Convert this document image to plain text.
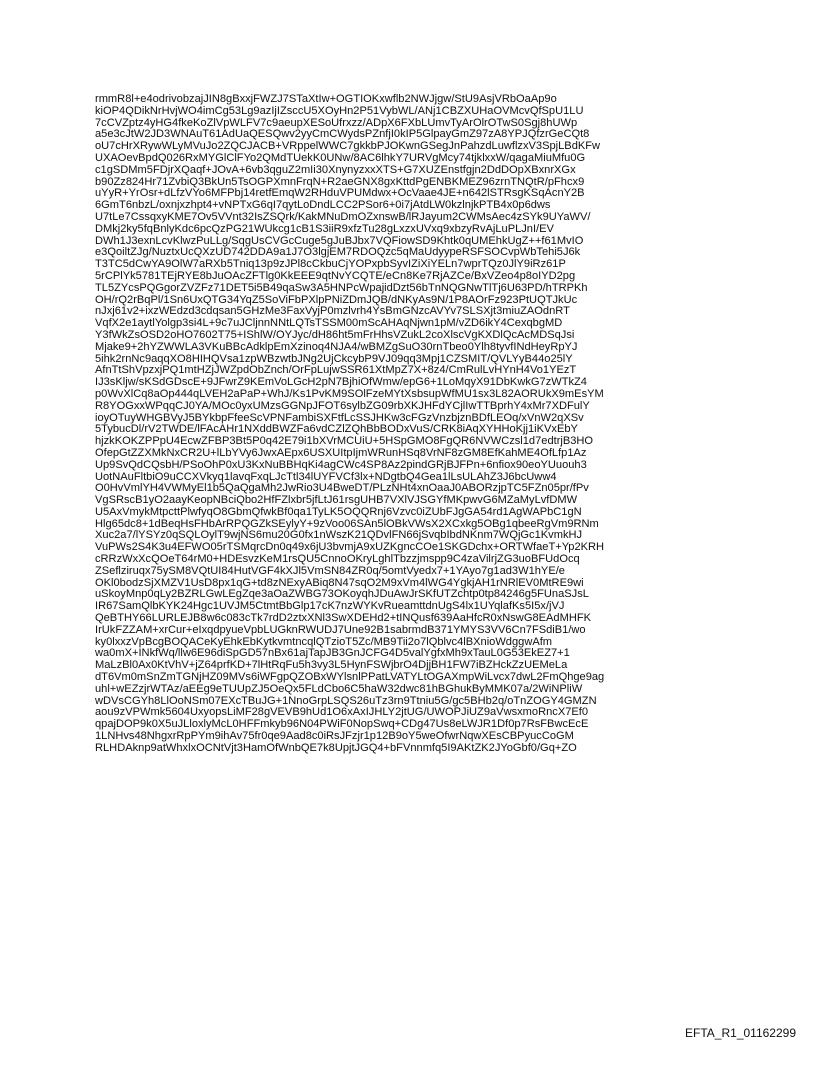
rmmR8l+e4odrivobzajJIN8gBxxjFWZJ7STaXtIw+OGTIOKxwflb2NWJjgw/StU9AsjVRbOaAp9o
kiOP4QDikNrHvjWO4imCg53Lg9azIjIZsccU5XOyHn2P51VybWL/ANj1CBZXUHaOVMcvQfSpU1LU
7cCVZptz4yHG4fkeKoZlVpWLFV7c9aeupXESoUfrxzz/ADpX6FXbLUmvTyArOlrOTwS0Sgj8hUWp
a5e3cJtW2JD3WNAuT61AdUaQESQwv2yyCmCWydsPZnfjI0kIP5GlpayGmZ97zA8YPJQfzrGeCQt8
oU7cHrXRywWLyMVuJo2ZQCJACB+VRppelWWC7gkkbPJOKwnGSegJnPahzdLuwflzxV3SpjLBdKFw
UXAOevBpdQ026RxMYGlClFYo2QMdTUekK0UNw/8AC6lhkY7URVgMcy74tjklxxW/qagaMiuMfu0G
c1gSDMm5FDjrXQaqf+JOvA+6vb3qguZ2mIi30XnynyzxxXTS+G7XUZEnstfgjn2DdDOpXBxnrXGx
b90Zz824Hr71ZvbiQ3BkUn5TsOGPXmnFrqN+R2aeGNX8gxKttdPgENBKMEZ96zrnTNQtR/pFhcx9
uYyR+YrOsr+dLfzVYo6MFPbj14retfEmqW2RHduVPUMdwx+OcVaae4JE+n642lSTRsgKSqAcnY2B
6GmT6nbzL/oxnjxzhpt4+vNPTxG6qI7qytLoDndLCC2PSor6+0i7jAtdLW0kzlnjkPTB4x0p6dws
U7tLe7CssqxyKME7Ov5VVnt32IsZSQrk/KakMNuDmOZxnswB/lRJayum2CWMsAec4zSYk9UYaWV/
DMkj2ky5fqBnlyKdc6pcQzPG21WUkcg1cB1S3iiR9xfzTu28gLxzxUVxq9xbzyRvAjLuPLJnI/EV
DWh1J3exnLcvKlwzPuLLg/SqgUsCVGcCuge5gJuBJbx7VQFiowSD9Khtk0qUMEhkUgZ++f61MvIO
e3QoiltZJg/NuztxUcQXzUD742DDA9a1J7O3lgjEM7RDOQzc5qMaUdyypeRSFSOCvpWbTehi5J6k
T3TC5dCwYA9OlW7aRXb5Tniq13p9zJPl8cCkbuCjYOPxpbSyvIZiXiYELn7wprTQz0JlY9iRz61P
5rCPlYk5781TEjRYE8bJuOAcZFTlg0KkEEE9qtNvYCQTE/eCn8Ke7RjAZCe/BxVZeo4p8oIYD2pg
TL5ZYcsPQGgorZVZFz71DET5i5B49qaSw3A5HNPcWpajidDzt56bTnNQGNwTlTj6U63PD/hTRPKh
OH/rQ2rBqPl/1Sn6UxQTG34YqZ5SoViFbPXlpPNiZDmJQB/dNKyAs9N/1P8AOrFz923PtUQTJkUc
nJxj61v2+ixzWEdzd3cdqsan5GHzMe3FaxVyjP0mzlvrh4YsBmGNzcAVYv7SLSXjt3miuZAOdnRT
VqfX2e1aytlYolgp3si4L+9c7uJCljnnNNtLQTsTSSM00mScAHAqNjwn1pM/vZD6ikY4CexqbgMD
Y3fWkZsOSD2oHO7602T75+IShlW/OYJyc/dH86ht5mFrHhsVZukL2coXlscVgKXDlQcAcMDSqJsi
Mjake9+2hYZWWLA3VKuBBcAdklpEmXzinoq4NJA4/wBMZgSuO30rnTbeo0Ylh8tyvfINdHeyRpYJ
5ihk2rnNc9aqqXO8HIHQVsa1zpWBzwtbJNg2UjCkcybP9VJ09qq3Mpj1CZSMIT/QVLYyB44o25lY
AfnTtShVpzxjPQ1mtHZjJWZpdObZnch/OrFpLujwSSR61XtMpZ7X+8z4/CmRulLvHYnH4Vo1YEzT
IJ3sKljw/sKSdGDscE+9JFwrZ9KEmVoLGcH2pN7BjhiOfWmw/epG6+1LoMqyX91DbKwkG7zWTkZ4
p0WvXlCq8aOp444qLVEH2aPaP+WhJ/Ks1PvKM9SOlFzeMYtXsbsupWfMU1sx3L82AORUkX9mEsYM
R8YOGxxWPqqCJ0YA/MOc0yxUMzsGGNpJFOT6sylbZG09rbXKJHFdYCjlIwTTBprhY4xMr7XDFulY
ioyOTuyWHGBVyJ5BYkbpFfeeScVPNFambiSXFtfLcSSJHKw3cFGzVnzbjznBDfLEOq/xVnW2qXSv
5TybucDl/rV2TWDE/lFAcAHr1NXddBWZFa6vdCZlZQhBbBODxVuS/CRK8iAqXYHHoKjj1iKVxEbY
hjzkKOKZPPpU4EcwZFBP3Bt5P0q42E79i1bXVrMCUiU+5HSpGMO8FgQR6NVWCzsl1d7edtrjB3HO
OfepGtZZXMkNxCR2U+lLbYVy6JwxAEpx6USXUItpIjmWRunHSq8VrNF8zGM8EfKahME4OfLfp1Az
Up9SvQdCQsbH/PSoOhP0xU3KxNuBBHqKi4agCWc4SP8Az2pindGRjBJFPn+6nfiox90eoYUuouh3
UotNAuFltbiO9uCCXVkyq1lavqFxqLJcTtl34lUYFVCf3lx+NDgtbQ4Gea1lLsULAhZ3J6bcUww4
O0HvVmlYH4VWMyEl1b5QaQgaMh2JwRio3U4BweDT/PLzNHt4xnOaaJ0ABORzjpTC5FZn05pr/fPv
VgSRscB1yO2aayKeopNBciQbo2HfFZlxbr5jfLtJ61rsgUHB7VXlVJSGYfMKpwvG6MZaMyLvfDMW
U5AxVmykMtpcttPlwfyqO8GbmQfwkBf0qa1TyLK5OQQRnj6Vzvc0iZUbFJgGA54rd1AgWAPbC1gN
Hlg65dc8+1dBeqHsFHbArRPQGZkSEylyY+9zVoo06SAn5lOBkVWsX2XCxkg5OBg1qbeeRgVm9RNm
Xuc2a7/lYSYz0qSQLOylT9wjNS6mu20G0fx1nWszK21QDvlFN66jSvqbIbdNKnm7WQjGc1KvmkHJ
VuPWs2S4K3u4EFWO05rTSMqrcDn0q49x6jU3bvmjA9xUZKgncCOe1SKGDchx+ORTWfaeT+Yp2KRH
cRRzWxXcQOeT64rM0+HDEsvzKeM1rsQU5CnnoOKryLghlTbzzjmspp9C4zaVilrjZG3uoBFUdOcq
ZSeflziruqx75ySM8VQtUI84HutVGF4kXJl5VmSN84ZR0q/5omtVyedx7+1YAyo7g1ad3W1hYE/e
OKl0bodzSjXMZV1UsD8px1qG+td8zNExyABiq8N47sqO2M9xVm4lWG4YgkjAH1rNRlEV0MtRE9wi
uSkoyMnp0qLy2BZRLGwLEgZqe3aOaZWBG73OKoyqhJDuAwJrSKfUTZchtp0tp84246g5FUnaSJsL
IR67SamQlbKYK24Hgc1UVJM5CtmtBbGlp17cK7nzWYKvRueamttdnUgS4lx1UYqlafKs5I5x/jVJ
QeBTHY66LURLEJB8w6c083cTk7rdD2ztxXNl3SwXDEHd2+tINQusf639AaHfcR0xNswG8EAdMHFK
IrUkFZZAM+xrCur+eIxqdpyueVpbLUGknRWUDJ7Une92B1sabrmdB371YMYS3VV6Cn7FSdiB1/wo
ky0lxxzVpBcgBOQACeKyEhkEbKytkvmtncqlQTzioT5Zc/MB9Tii2o7lQblvc4lBXnioWdggwAfm
wa0mX+INkfWq/llw6E96diSpGD57nBx61ajTapJB3GnJCFG4D5valYgfxMh9xTauL0G53EkEZ7+1
MaLzBl0Ax0KtVhV+jZ64prfKD+7lHtRqFu5h3vy3L5HynFSWjbrO4DjjBH1FW7iBZHckZzUEMeLa
dT6Vm0mSnZmTGNjHZ09MVs6iWFgpQZOBxWYlsnlPPatLVATYLtOGAXmpWiLvcx7dwL2FmQhge9ag
uhl+wEZzjrWTAz/aEEg9eTUUpZJ5OeQx5FLdCbo6C5haW32dwc81hBGhukByMMK07a/2WiNPliW
wDVsCGYh8LlOoNSm07EXcTBuJG+1NnoGrpLSQS26uTz3rn9Ttniu5G/gc5BHb2q/oTnZOGY4GMZN
aou9zVPWmk5604UxyopsLiMF28gVEVB9hUd1O6xAxIJHLY2jtUG/UWOPJiUZ9aVwsxmoRncX7Ef0
qpajDOP9k0X5uJLloxlyMcL0HFFmkyb96N04PWiF0NopSwq+CDg47Us8eLWJR1Df0p7RsFBwcEcE
1LNHvs48NhgxrRpPYm9ihAv75fr0qe9Aad8c0iRsJFzjr1p12B9oY5weOfwrNqwXEsCBPyucCoGM
RLHDAknp9atWhxlxOCNtVjt3HamOfWnbQE7k8UpjtJGQ4+bFVnnmfq5I9AKtZK2JYoGbf0/Gq+ZO
EFTA_R1_01162299
